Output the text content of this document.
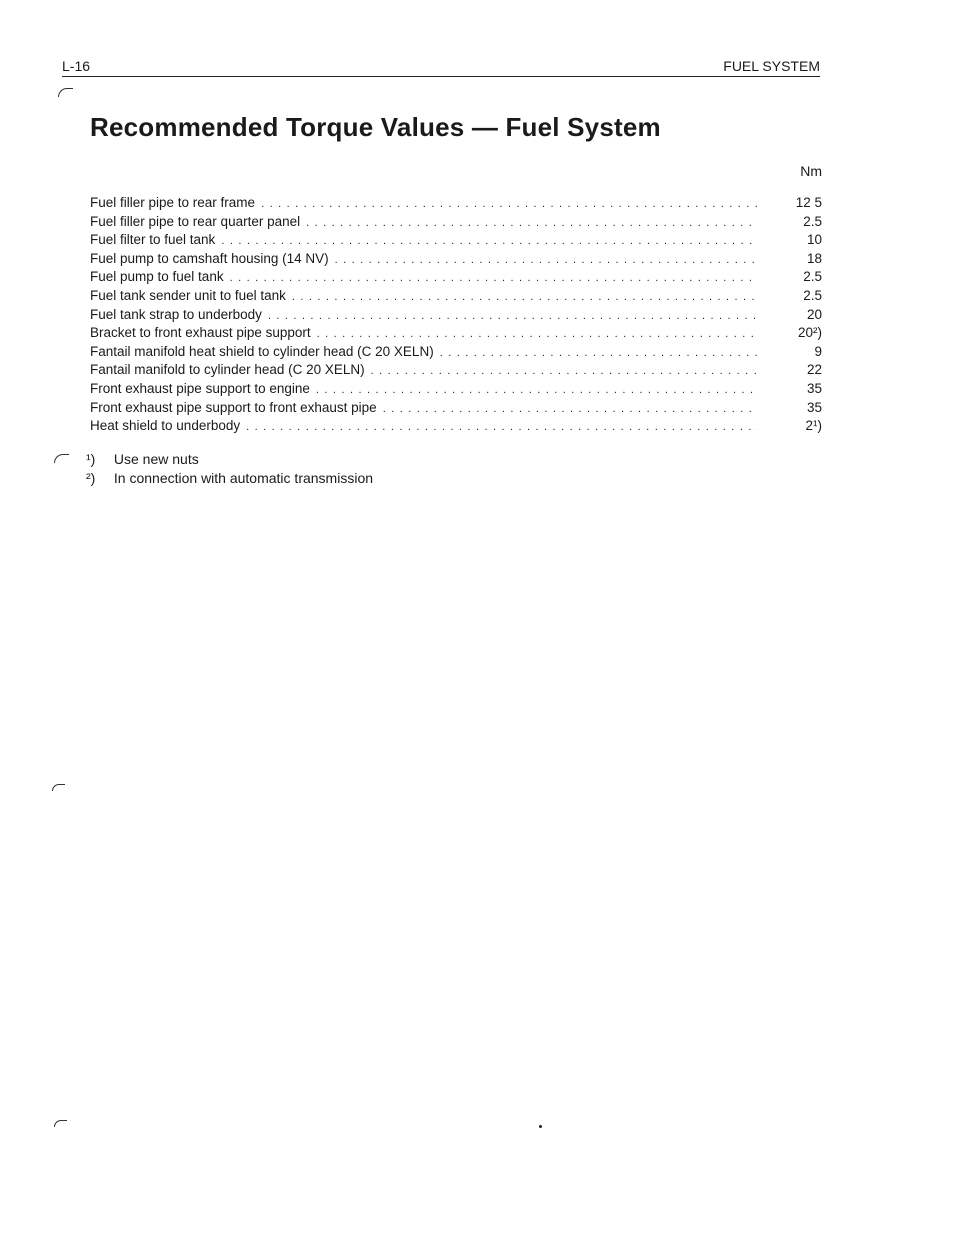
L-16	FUEL SYSTEM
Recommended Torque Values — Fuel System
Nm
Fuel filler pipe to rear frame . . .	12 5
Fuel filler pipe to rear quarter panel . . .	2.5
Fuel filter to fuel tank . . .	10
Fuel pump to camshaft housing (14 NV) . . .	18
Fuel pump to fuel tank . . .	2.5
Fuel tank sender unit to fuel tank . . .	2.5
Fuel tank strap to underbody . . .	20
Bracket to front exhaust pipe support . . .	20²)
Fantail manifold heat shield to cylinder head (C 20 XELN) . . .	9
Fantail manifold to cylinder head (C 20 XELN) . . .	22
Front exhaust pipe support to engine . . .	35
Front exhaust pipe support to front exhaust pipe . . .	35
Heat shield to underbody . . .	2¹)
¹) Use new nuts
²) In connection with automatic transmission
